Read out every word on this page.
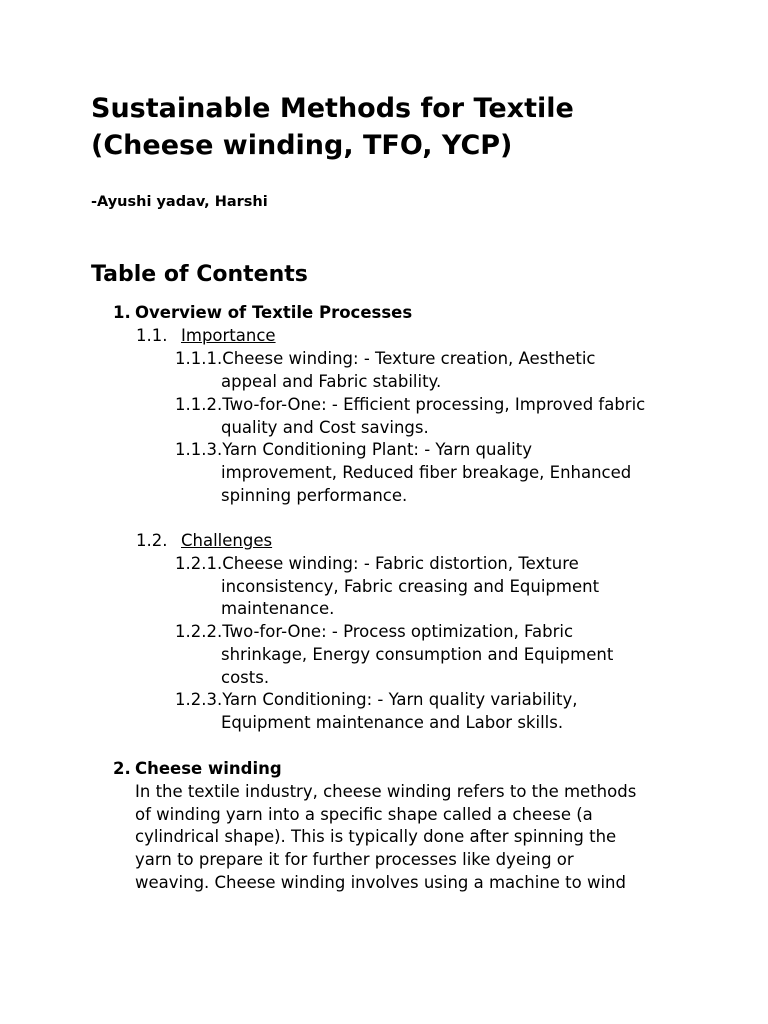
Sustainable Methods for Textile
(Cheese winding, TFO, YCP)

-Ayushi yadav, Harshi

Table of Contents

1. Overview of Textile Processes

1.1. Importance

1.1.1.Cheese winding: - Texture creation, Aesthetic

appeal and Fabric stability.

1.1.2.Two-for-One: - Efficient processing, Improved fabric

quality and Cost savings.

1.1.3.Yarn Conditioning Plant: - Yarn quality

improvement, Reduced fiber breakage, Enhanced

spinning performance.

1.2. Challenges

1.2.1.Cheese winding: - Fabric distortion, Texture

inconsistency, Fabric creasing and Equipment

maintenance.

1.2.2.Two-for-One: - Process optimization, Fabric

shrinkage, Energy consumption and Equipment

costs.

1.2.3.Yarn Conditioning: - Yarn quality variability,

Equipment maintenance and Labor skills.

2. Cheese winding

In the textile industry, cheese winding refers to the methods

of winding yarn into a specific shape called a cheese (a

cylindrical shape). This is typically done after spinning the

yarn to prepare it for further processes like dyeing or

weaving. Cheese winding involves using a machine to wind
